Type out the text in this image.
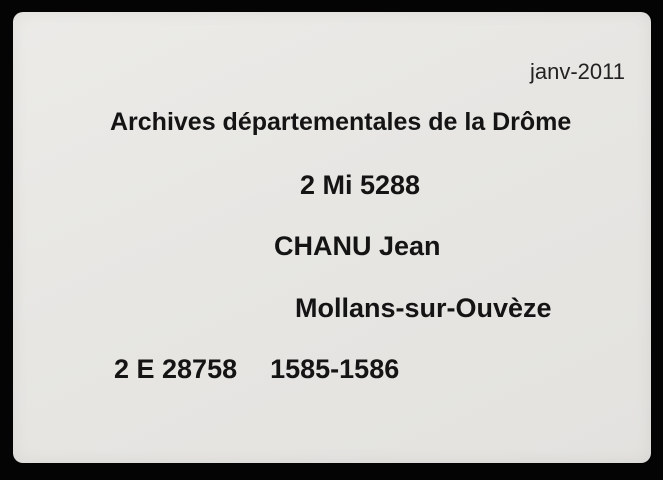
janv-2011
Archives départementales de la Drôme
2 Mi 5288
CHANU Jean
Mollans-sur-Ouvèze
2 E 28758 1585-1586
